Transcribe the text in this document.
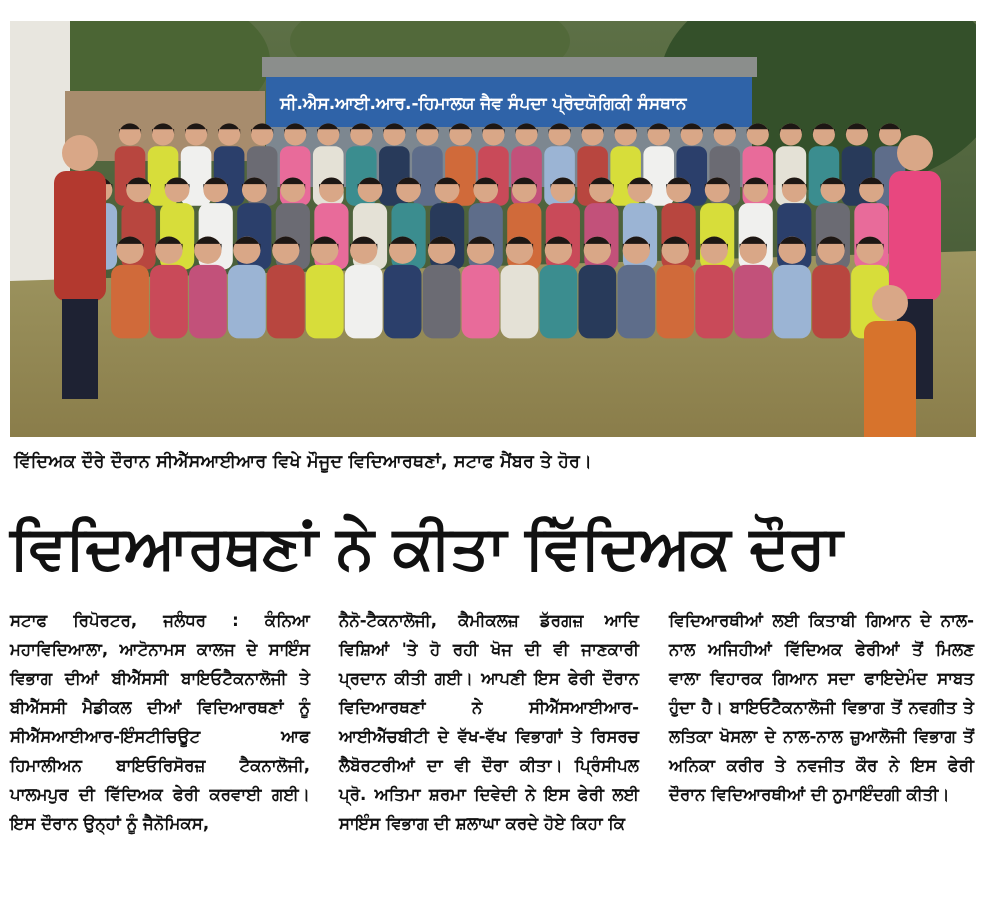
ਸੀ.ਐਸ.ਆਈ.ਆਰ.-ਹਿਮਾਲਯ ਜੈਵ ਸੰਪਦਾ ਪ੍ਰੋਦਯੋਗਿਕੀ ਸੰਸਥਾਨ
ਵਿੱਦਿਅਕ ਦੌਰੇ ਦੌਰਾਨ ਸੀਐੱਸਆਈਆਰ ਵਿਖੇ ਮੌਜੂਦ ਵਿਦਿਆਰਥਣਾਂ, ਸਟਾਫ ਮੈਂਬਰ ਤੇ ਹੋਰ।
ਵਿਦਿਆਰਥਣਾਂ ਨੇ ਕੀਤਾ ਵਿੱਦਿਅਕ ਦੌਰਾ

ਸਟਾਫ ਰਿਪੋਰਟਰ, ਜਲੰਧਰ : ਕੰਨਿਆ ਮਹਾਵਿਦਿਆਲਾ, ਆਟੋਨਾਮਸ ਕਾਲਜ ਦੇ ਸਾਇੰਸ ਵਿਭਾਗ ਦੀਆਂ ਬੀਐੱਸਸੀ ਬਾਇਓਟੈਕਨਾਲੋਜੀ ਤੇ ਬੀਐੱਸਸੀ ਮੈਡੀਕਲ ਦੀਆਂ ਵਿਦਿਆਰਥਣਾਂ ਨੂੰ ਸੀਐੱਸਆਈਆਰ-ਇੰਸਟੀਚਿਊਟ ਆਫ ਹਿਮਾਲੀਅਨ ਬਾਇਓਰਿਸੋਰਜ਼ ਟੈਕਨਾਲੋਜੀ, ਪਾਲਮਪੁਰ ਦੀ ਵਿੱਦਿਅਕ ਫੇਰੀ ਕਰਵਾਈ ਗਈ। ਇਸ ਦੌਰਾਨ ਉਨ੍ਹਾਂ ਨੂੰ ਜੈਨੋਮਿਕਸ,

ਨੈਨੋ-ਟੈਕਨਾਲੋਜੀ, ਕੈਮੀਕਲਜ਼ ਡੱਰਗਜ਼ ਆਦਿ ਵਿਸ਼ਿਆਂ 'ਤੇ ਹੋ ਰਹੀ ਖੋਜ ਦੀ ਵੀ ਜਾਣਕਾਰੀ ਪ੍ਰਦਾਨ ਕੀਤੀ ਗਈ। ਆਪਣੀ ਇਸ ਫੇਰੀ ਦੌਰਾਨ ਵਿਦਿਆਰਥਣਾਂ ਨੇ ਸੀਐੱਸਆਈਆਰ-ਆਈਐੱਚਬੀਟੀ ਦੇ ਵੱਖ-ਵੱਖ ਵਿਭਾਗਾਂ ਤੇ ਰਿਸਰਚ ਲੈਬੋਰਟਰੀਆਂ ਦਾ ਵੀ ਦੌਰਾ ਕੀਤਾ। ਪ੍ਰਿੰਸੀਪਲ ਪ੍ਰੋ. ਅਤਿਮਾ ਸ਼ਰਮਾ ਦਿਵੇਦੀ ਨੇ ਇਸ ਫੇਰੀ ਲਈ ਸਾਇੰਸ ਵਿਭਾਗ ਦੀ ਸ਼ਲਾਘਾ ਕਰਦੇ ਹੋਏ ਕਿਹਾ ਕਿ

ਵਿਦਿਆਰਥੀਆਂ ਲਈ ਕਿਤਾਬੀ ਗਿਆਨ ਦੇ ਨਾਲ-ਨਾਲ ਅਜਿਹੀਆਂ ਵਿੱਦਿਅਕ ਫੇਰੀਆਂ ਤੋਂ ਮਿਲਣ ਵਾਲਾ ਵਿਹਾਰਕ ਗਿਆਨ ਸਦਾ ਫਾਇਦੇਮੰਦ ਸਾਬਤ ਹੁੰਦਾ ਹੈ। ਬਾਇਓਟੈਕਨਾਲੋਜੀ ਵਿਭਾਗ ਤੋਂ ਨਵਗੀਤ ਤੇ ਲਤਿਕਾ ਖੋਸਲਾ ਦੇ ਨਾਲ-ਨਾਲ ਜ਼ੁਆਲੋਜੀ ਵਿਭਾਗ ਤੋਂ ਅਨਿਕਾ ਕਰੀਰ ਤੇ ਨਵਜੀਤ ਕੌਰ ਨੇ ਇਸ ਫੇਰੀ ਦੌਰਾਨ ਵਿਦਿਆਰਥੀਆਂ ਦੀ ਨੁਮਾਇੰਦਗੀ ਕੀਤੀ।
